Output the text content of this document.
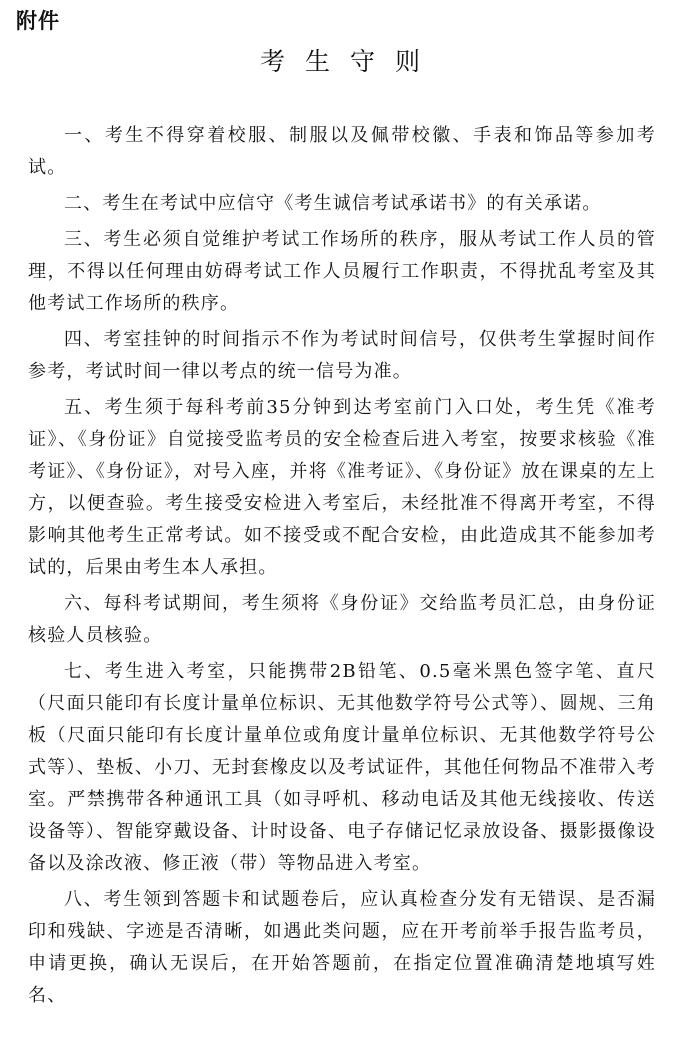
附件
考生守则

一、考生不得穿着校服、制服以及佩带校徽、手表和饰品等参加考试。

二、考生在考试中应信守《考生诚信考试承诺书》的有关承诺。

三、考生必须自觉维护考试工作场所的秩序，服从考试工作人员的管理，不得以任何理由妨碍考试工作人员履行工作职责，不得扰乱考室及其他考试工作场所的秩序。

四、考室挂钟的时间指示不作为考试时间信号，仅供考生掌握时间作参考，考试时间一律以考点的统一信号为准。

五、考生须于每科考前35分钟到达考室前门入口处，考生凭《准考证》、《身份证》自觉接受监考员的安全检查后进入考室，按要求核验《准考证》、《身份证》，对号入座，并将《准考证》、《身份证》放在课桌的左上方，以便查验。考生接受安检进入考室后，未经批准不得离开考室，不得影响其他考生正常考试。如不接受或不配合安检，由此造成其不能参加考试的，后果由考生本人承担。

六、每科考试期间，考生须将《身份证》交给监考员汇总，由身份证核验人员核验。

七、考生进入考室，只能携带2B铅笔、0.5毫米黑色签字笔、直尺（尺面只能印有长度计量单位标识、无其他数学符号公式等）、圆规、三角板（尺面只能印有长度计量单位或角度计量单位标识、无其他数学符号公式等）、垫板、小刀、无封套橡皮以及考试证件，其他任何物品不准带入考室。严禁携带各种通讯工具（如寻呼机、移动电话及其他无线接收、传送设备等）、智能穿戴设备、计时设备、电子存储记忆录放设备、摄影摄像设备以及涂改液、修正液（带）等物品进入考室。

八、考生领到答题卡和试题卷后，应认真检查分发有无错误、是否漏印和残缺、字迹是否清晰，如遇此类问题，应在开考前举手报告监考员，申请更换，确认无误后，在开始答题前，在指定位置准确清楚地填写姓名、
